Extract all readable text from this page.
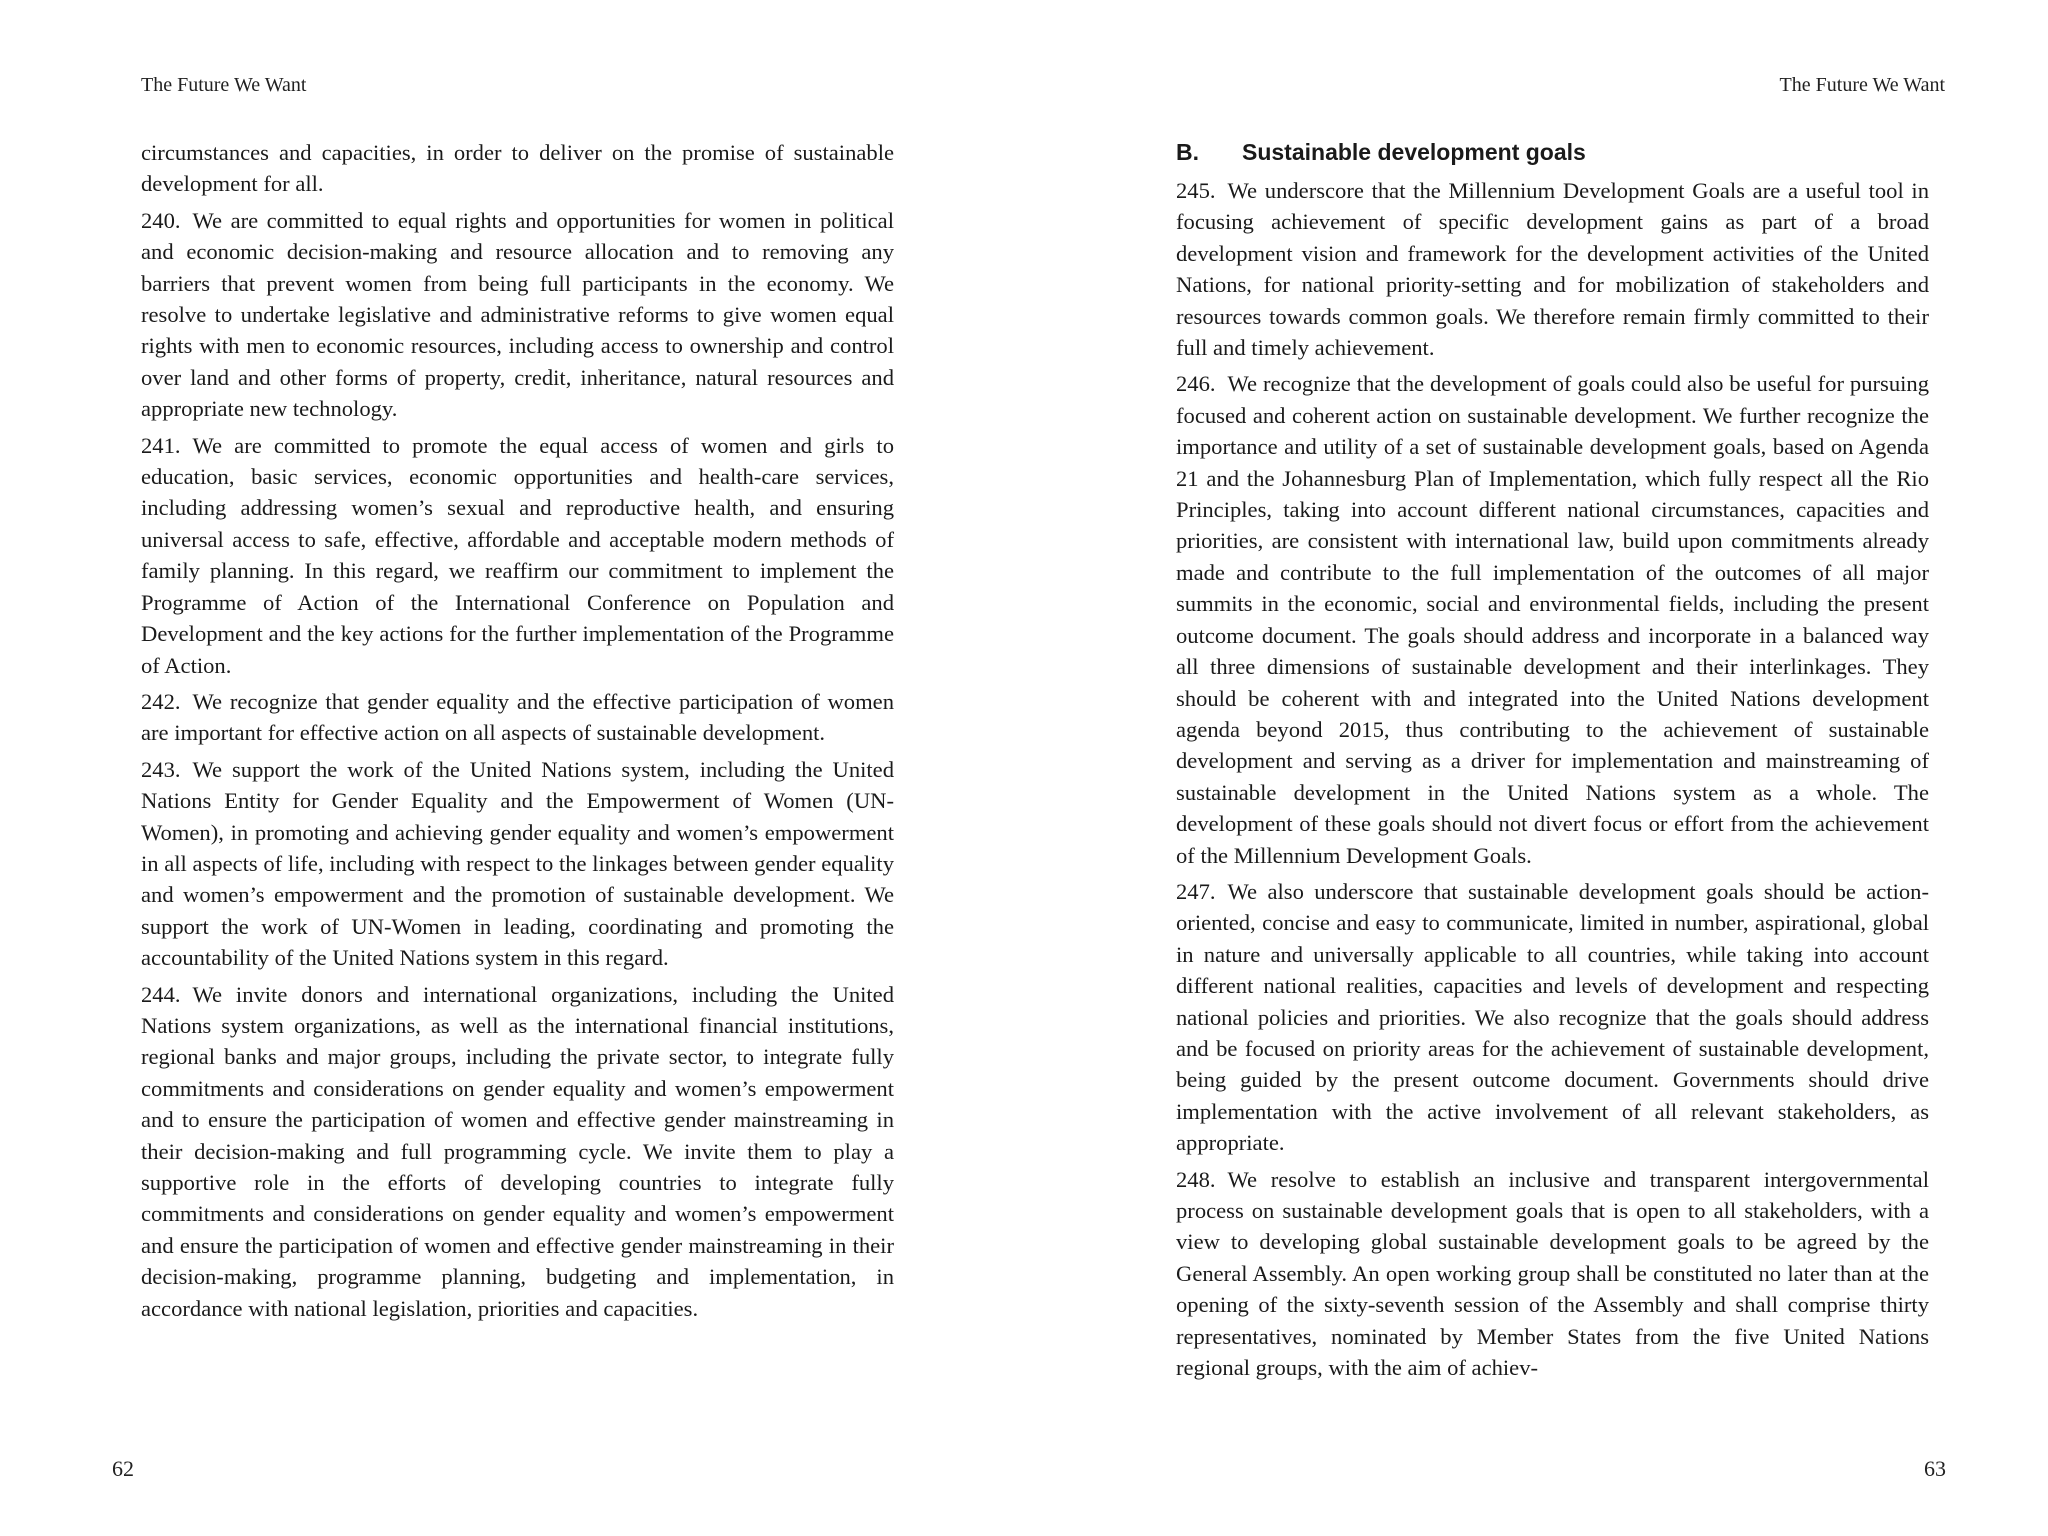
The Future We Want

circumstances and capacities, in order to deliver on the promise of sustainable development for all.

240. We are committed to equal rights and opportunities for women in political and economic decision-making and resource allocation and to removing any barriers that prevent women from being full participants in the economy. We resolve to undertake legislative and administrative reforms to give women equal rights with men to economic resources, including access to ownership and control over land and other forms of property, credit, inheritance, natural resources and appropriate new technology.

241. We are committed to promote the equal access of women and girls to education, basic services, economic opportunities and health-care services, including addressing women’s sexual and reproductive health, and ensuring universal access to safe, effective, affordable and acceptable modern methods of family planning. In this regard, we reaffirm our commitment to implement the Programme of Action of the International Conference on Population and Development and the key actions for the further implementation of the Programme of Action.

242. We recognize that gender equality and the effective participation of women are important for effective action on all aspects of sustainable development.

243. We support the work of the United Nations system, including the United Nations Entity for Gender Equality and the Empowerment of Women (UN-Women), in promoting and achieving gender equality and women’s empowerment in all aspects of life, including with respect to the linkages between gender equality and women’s empowerment and the promotion of sustainable development. We support the work of UN-Women in leading, coordinating and promoting the accountability of the United Nations system in this regard.

244. We invite donors and international organizations, including the United Nations system organizations, as well as the international financial institutions, regional banks and major groups, including the private sector, to integrate fully commitments and considerations on gender equality and women’s empowerment and to ensure the participation of women and effective gender mainstreaming in their decision-making and full programming cycle. We invite them to play a supportive role in the efforts of developing countries to integrate fully commitments and considerations on gender equality and women’s empowerment and ensure the participation of women and effective gender mainstreaming in their decision-making, programme planning, budgeting and implementation, in accordance with national legislation, priorities and capacities.

62
The Future We Want
B. Sustainable development goals

245. We underscore that the Millennium Development Goals are a useful tool in focusing achievement of specific development gains as part of a broad development vision and framework for the development activities of the United Nations, for national priority-setting and for mobilization of stakeholders and resources towards common goals. We therefore remain firmly committed to their full and timely achievement.

246. We recognize that the development of goals could also be useful for pursuing focused and coherent action on sustainable development. We further recognize the importance and utility of a set of sustainable development goals, based on Agenda 21 and the Johannesburg Plan of Implementation, which fully respect all the Rio Principles, taking into account different national circumstances, capacities and priorities, are consistent with international law, build upon commitments already made and contribute to the full implementation of the outcomes of all major summits in the economic, social and environmental fields, including the present outcome document. The goals should address and incorporate in a balanced way all three dimensions of sustainable development and their interlinkages. They should be coherent with and integrated into the United Nations development agenda beyond 2015, thus contributing to the achievement of sustainable development and serving as a driver for implementation and mainstreaming of sustainable development in the United Nations system as a whole. The development of these goals should not divert focus or effort from the achievement of the Millennium Development Goals.

247. We also underscore that sustainable development goals should be action-oriented, concise and easy to communicate, limited in number, aspirational, global in nature and universally applicable to all countries, while taking into account different national realities, capacities and levels of development and respecting national policies and priorities. We also recognize that the goals should address and be focused on priority areas for the achievement of sustainable development, being guided by the present outcome document. Governments should drive implementation with the active involvement of all relevant stakeholders, as appropriate.

248. We resolve to establish an inclusive and transparent intergovernmental process on sustainable development goals that is open to all stakeholders, with a view to developing global sustainable development goals to be agreed by the General Assembly. An open working group shall be constituted no later than at the opening of the sixty-seventh session of the Assembly and shall comprise thirty representatives, nominated by Member States from the five United Nations regional groups, with the aim of achiev-

63
